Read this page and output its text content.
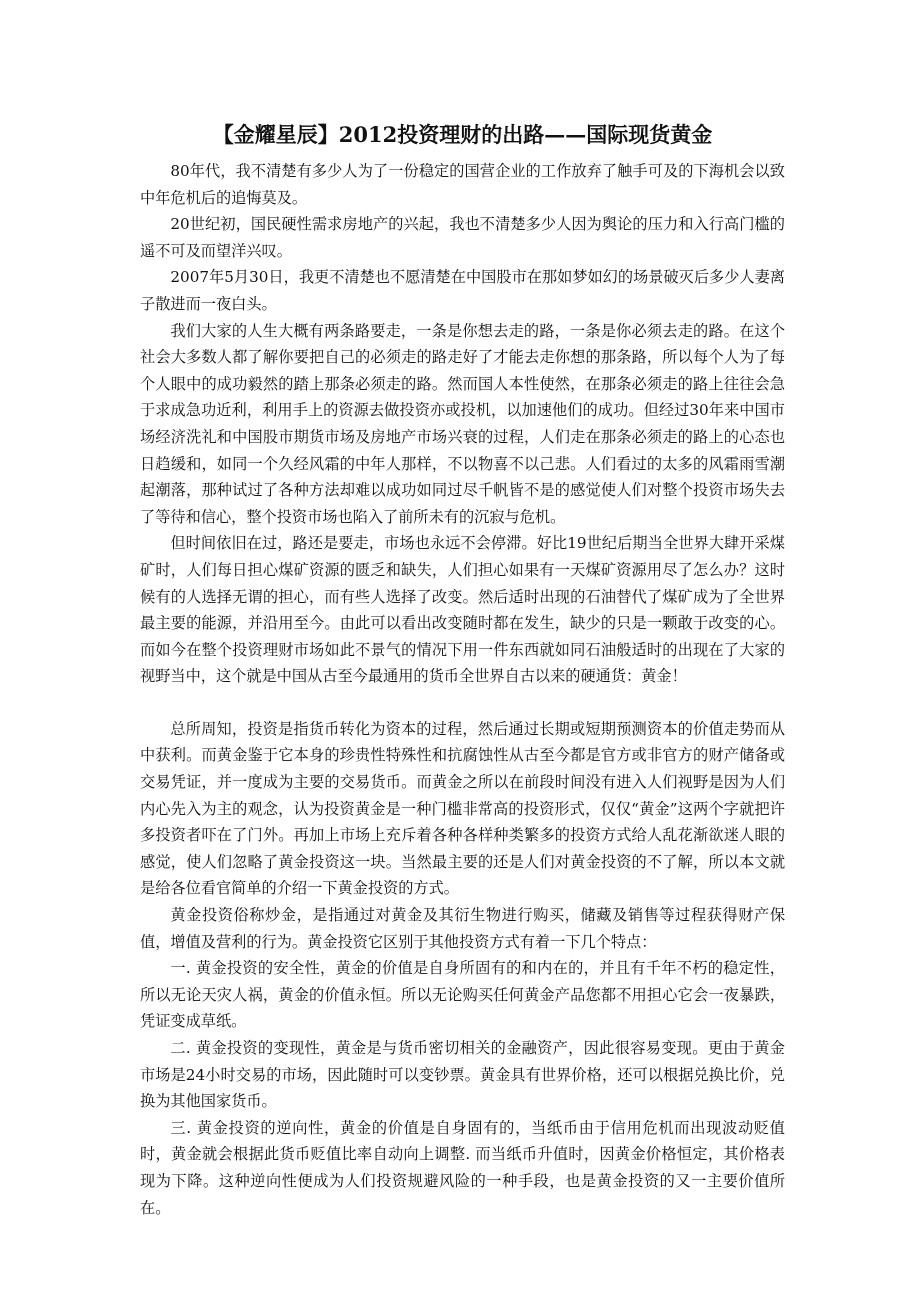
【金耀星辰】2012投资理财的出路——国际现货黄金

80年代，我不清楚有多少人为了一份稳定的国营企业的工作放弃了触手可及的下海机会以致中年危机后的追悔莫及。

20世纪初，国民硬性需求房地产的兴起，我也不清楚多少人因为舆论的压力和入行高门槛的遥不可及而望洋兴叹。

2007年5月30日，我更不清楚也不愿清楚在中国股市在那如梦如幻的场景破灭后多少人妻离子散进而一夜白头。

我们大家的人生大概有两条路要走，一条是你想去走的路，一条是你必须去走的路。在这个社会大多数人都了解你要把自己的必须走的路走好了才能去走你想的那条路，所以每个人为了每个人眼中的成功毅然的踏上那条必须走的路。然而国人本性使然，在那条必须走的路上往往会急于求成急功近利，利用手上的资源去做投资亦或投机，以加速他们的成功。但经过30年来中国市场经济洗礼和中国股市期货市场及房地产市场兴衰的过程，人们走在那条必须走的路上的心态也日趋缓和，如同一个久经风霜的中年人那样，不以物喜不以己悲。人们看过的太多的风霜雨雪潮起潮落，那种试过了各种方法却难以成功如同过尽千帆皆不是的感觉使人们对整个投资市场失去了等待和信心，整个投资市场也陷入了前所未有的沉寂与危机。

但时间依旧在过，路还是要走，市场也永远不会停滞。好比19世纪后期当全世界大肆开采煤矿时，人们每日担心煤矿资源的匮乏和缺失，人们担心如果有一天煤矿资源用尽了怎么办？这时候有的人选择无谓的担心，而有些人选择了改变。然后适时出现的石油替代了煤矿成为了全世界最主要的能源，并沿用至今。由此可以看出改变随时都在发生，缺少的只是一颗敢于改变的心。而如今在整个投资理财市场如此不景气的情况下用一件东西就如同石油般适时的出现在了大家的视野当中，这个就是中国从古至今最通用的货币全世界自古以来的硬通货：黄金！

总所周知，投资是指货币转化为资本的过程，然后通过长期或短期预测资本的价值走势而从中获利。而黄金鉴于它本身的珍贵性特殊性和抗腐蚀性从古至今都是官方或非官方的财产储备或交易凭证，并一度成为主要的交易货币。而黄金之所以在前段时间没有进入人们视野是因为人们内心先入为主的观念，认为投资黄金是一种门槛非常高的投资形式，仅仅“黄金”这两个字就把许多投资者吓在了门外。再加上市场上充斥着各种各样种类繁多的投资方式给人乱花渐欲迷人眼的感觉，使人们忽略了黄金投资这一块。当然最主要的还是人们对黄金投资的不了解，所以本文就是给各位看官简单的介绍一下黄金投资的方式。

黄金投资俗称炒金，是指通过对黄金及其衍生物进行购买，储藏及销售等过程获得财产保值，增值及营利的行为。黄金投资它区别于其他投资方式有着一下几个特点：

一. 黄金投资的安全性，黄金的价值是自身所固有的和内在的，并且有千年不朽的稳定性，所以无论天灾人祸，黄金的价值永恒。所以无论购买任何黄金产品您都不用担心它会一夜暴跌，凭证变成草纸。

二. 黄金投资的变现性，黄金是与货币密切相关的金融资产，因此很容易变现。更由于黄金市场是24小时交易的市场，因此随时可以变钞票。黄金具有世界价格，还可以根据兑换比价，兑换为其他国家货币。

三. 黄金投资的逆向性，黄金的价值是自身固有的，当纸币由于信用危机而出现波动贬值时，黄金就会根据此货币贬值比率自动向上调整. 而当纸币升值时，因黄金价格恒定，其价格表现为下降。这种逆向性便成为人们投资规避风险的一种手段，也是黄金投资的又一主要价值所在。
